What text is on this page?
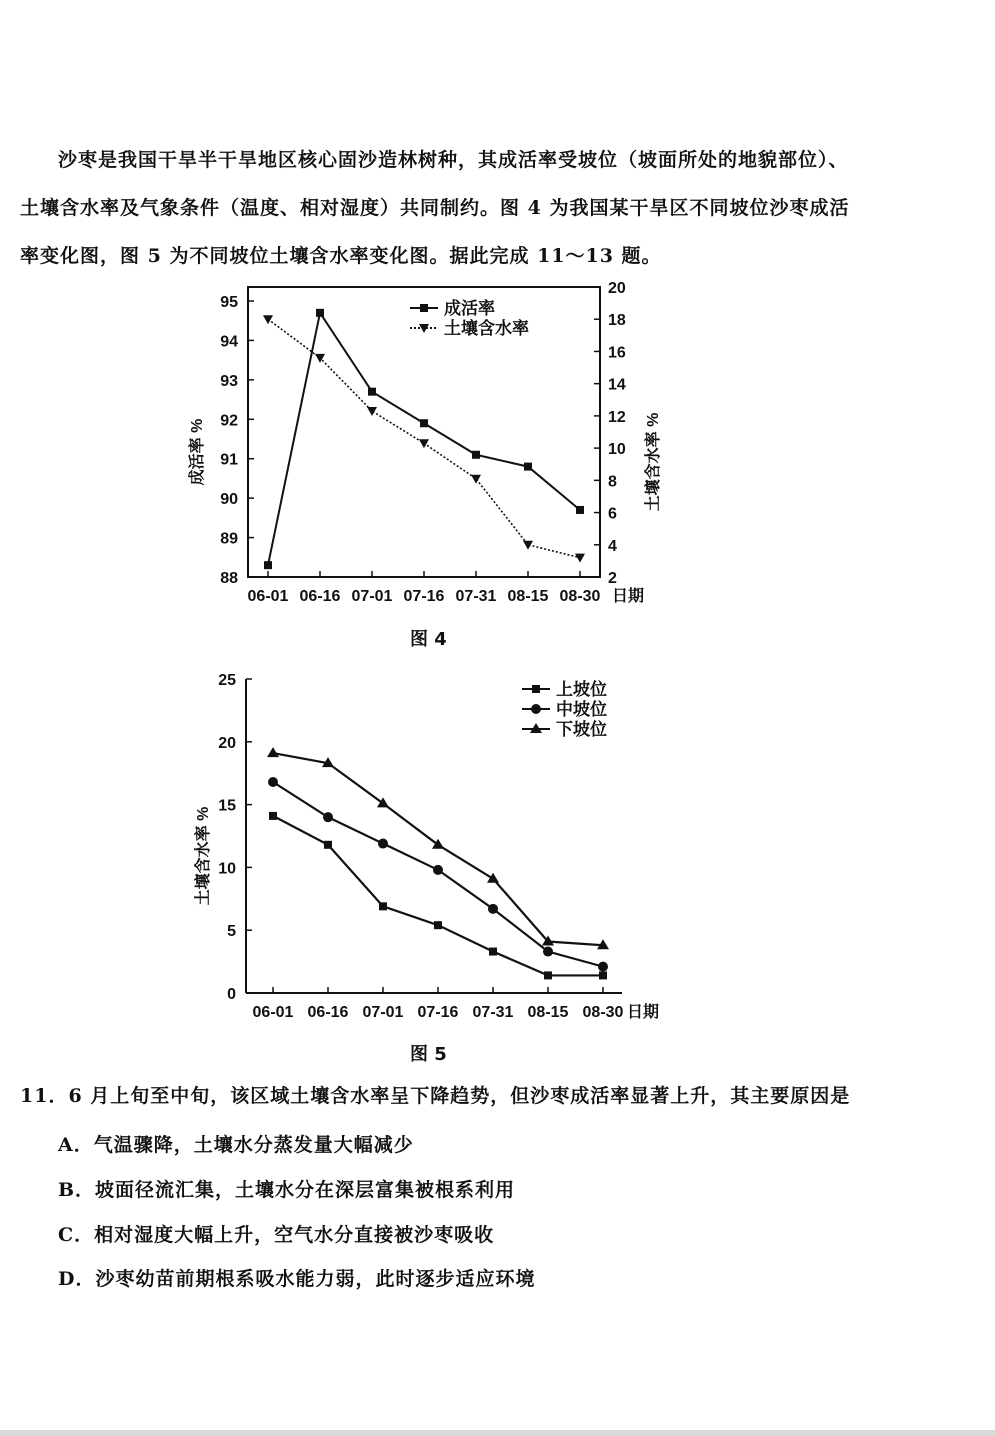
沙枣是我国干旱半干旱地区核心固沙造林树种，其成活率受坡位（坡面所处的地貌部位）、
土壤含水率及气象条件（温度、相对湿度）共同制约。图 4 为我国某干旱区不同坡位沙枣成活
率变化图，图 5 为不同坡位土壤含水率变化图。据此完成 11～13 题。
88
89
90
91
92
93
94
95
2
4
6
8
10
12
14
16
18
20
06-01 06-16 07-01 07-16 07-31 08-15 08-30 日期
成活率 %	土壤含水率 %
成活率
土壤含水率
图 4
0
5
10
15
20
25
06-01 06-16 07-01 07-16 07-31 08-15 08-30 日期
土壤含水率 %
上坡位
中坡位
下坡位
图 5
11．6 月上旬至中旬，该区域土壤含水率呈下降趋势，但沙枣成活率显著上升，其主要原因是
A．气温骤降，土壤水分蒸发量大幅减少
B．坡面径流汇集，土壤水分在深层富集被根系利用
C．相对湿度大幅上升，空气水分直接被沙枣吸收
D．沙枣幼苗前期根系吸水能力弱，此时逐步适应环境
